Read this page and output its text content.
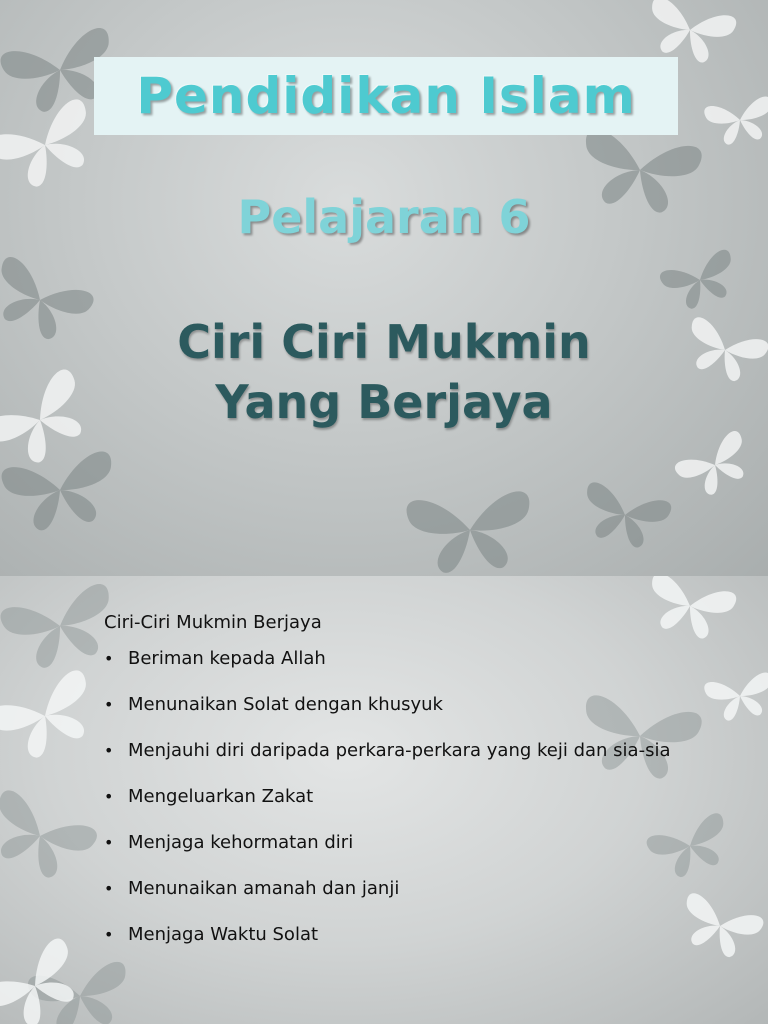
Pendidikan Islam
Pelajaran 6
Ciri Ciri Mukmin
Yang Berjaya
Ciri-Ciri Mukmin Berjaya
• Beriman kepada Allah
• Menunaikan Solat dengan khusyuk
• Menjauhi diri daripada perkara-perkara yang keji dan sia-sia
• Mengeluarkan Zakat
• Menjaga kehormatan diri
• Menunaikan amanah dan janji
• Menjaga Waktu Solat
